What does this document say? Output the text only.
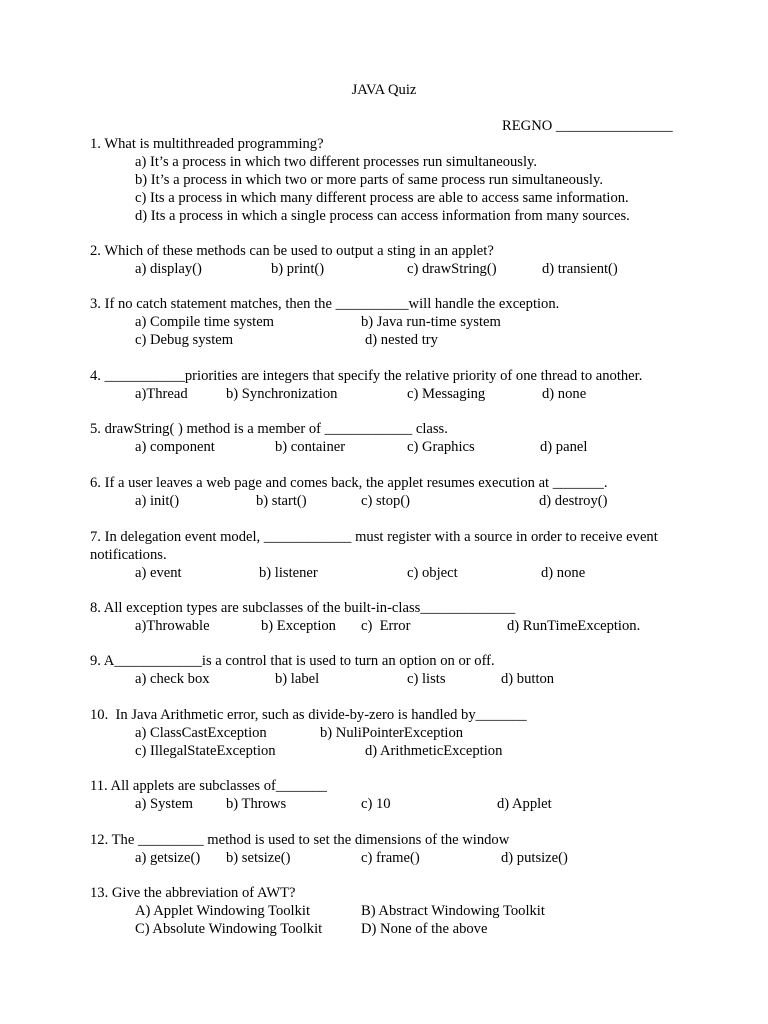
JAVA Quiz
REGNO ________________

1. What is multithreaded programming?

a) It’s a process in which two different processes run simultaneously.
b) It’s a process in which two or more parts of same process run simultaneously.
c) Its a process in which many different process are able to access same information.
d) Its a process in which a single process can access information from many sources.

2. Which of these methods can be used to output a sting in an applet?

a) display()	b) print()	c) drawString()	d) transient()

3. If no catch statement matches, then the __________will handle the exception.

a) Compile time system	b) Java run-time system
c) Debug system	d) nested try

4. ___________priorities are integers that specify the relative priority of one thread to another.

a)Thread	b) Synchronization	c) Messaging	d) none

5. drawString( ) method is a member of ____________ class.

a) component	b) container	c) Graphics	d) panel

6. If a user leaves a web page and comes back, the applet resumes execution at _______.

a) init()	b) start()	c) stop()	d) destroy()

7. In delegation event model, ____________ must register with a source in order to receive event notifications.

a) event	b) listener	c) object	d) none

8. All exception types are subclasses of the built-in-class_____________

a)Throwable	b) Exception c)  Error	d) RunTimeException.

9. A____________is a control that is used to turn an option on or off.

a) check box	b) label	c) lists	d) button

10.  In Java Arithmetic error, such as divide-by-zero is handled by_______

a) ClassCastException	b) NuliPointerException
c) IllegalStateException	d) ArithmeticException

11. All applets are subclasses of_______

a) System b) Throws	c) 10	d) Applet

12. The _________ method is used to set the dimensions of the window

a) getsize() b) setsize()	c) frame()	d) putsize()

13. Give the abbreviation of AWT?

A) Applet Windowing Toolkit	B) Abstract Windowing Toolkit
C) Absolute Windowing Toolkit	D) None of the above
